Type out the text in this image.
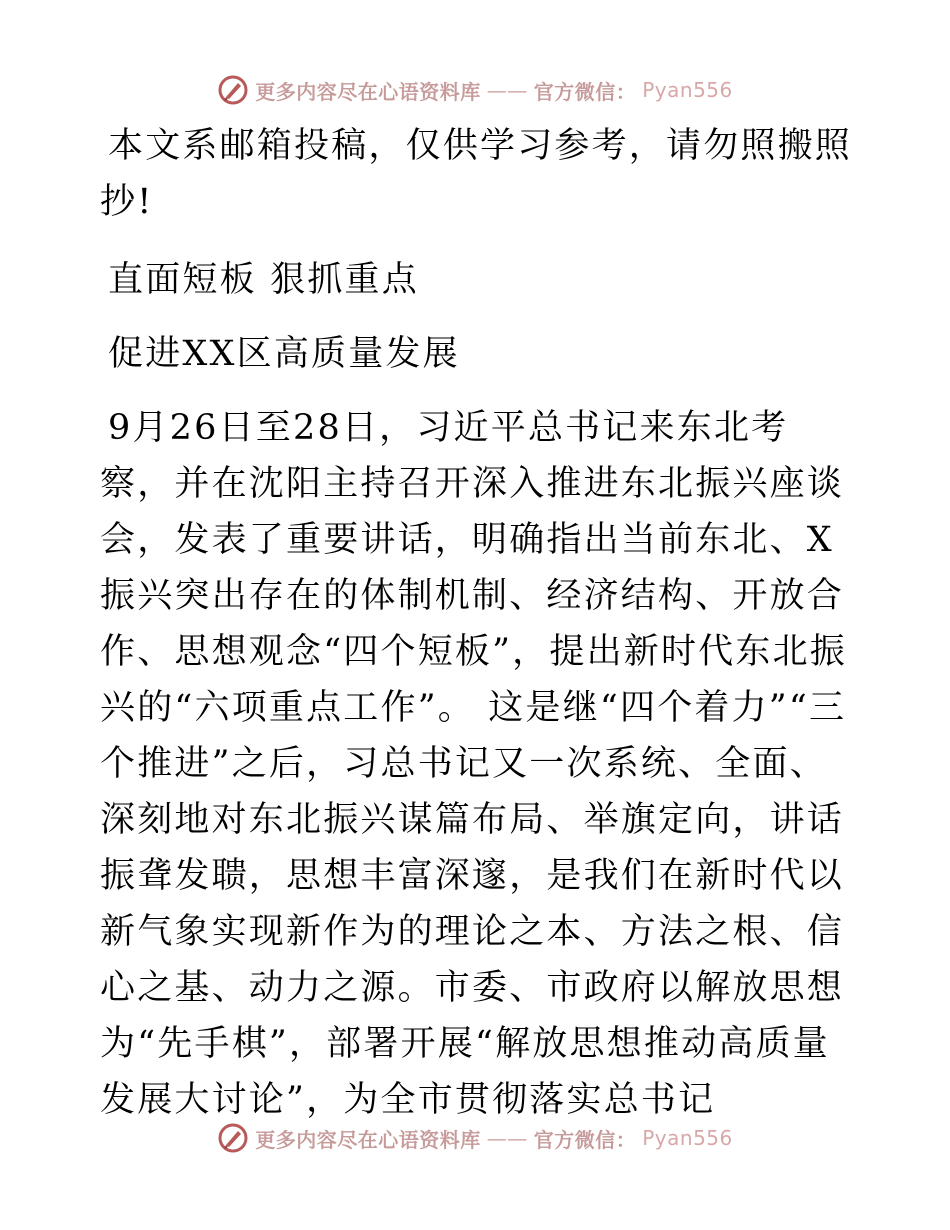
更多内容尽在心语资料库 —— 官方微信： Pyan556

本文系邮箱投稿，仅供学习参考，请勿照搬照抄!

直面短板 狠抓重点

促进XX区高质量发展

9月26日至28日，习近平总书记来东北考察，并在沈阳主持召开深入推进东北振兴座谈会，发表了重要讲话，明确指出当前东北、X振兴突出存在的体制机制、经济结构、开放合作、思想观念“四个短板”，提出新时代东北振兴的“六项重点工作”。 这是继“四个着力”“三个推进”之后，习总书记又一次系统、全面、深刻地对东北振兴谋篇布局、举旗定向，讲话振聋发聩，思想丰富深邃，是我们在新时代以新气象实现新作为的理论之本、方法之根、信心之基、动力之源。市委、市政府以解放思想为“先手棋”，部署开展“解放思想推动高质量发展大讨论”，为全市贯彻落实总书记

更多内容尽在心语资料库 —— 官方微信： Pyan556
